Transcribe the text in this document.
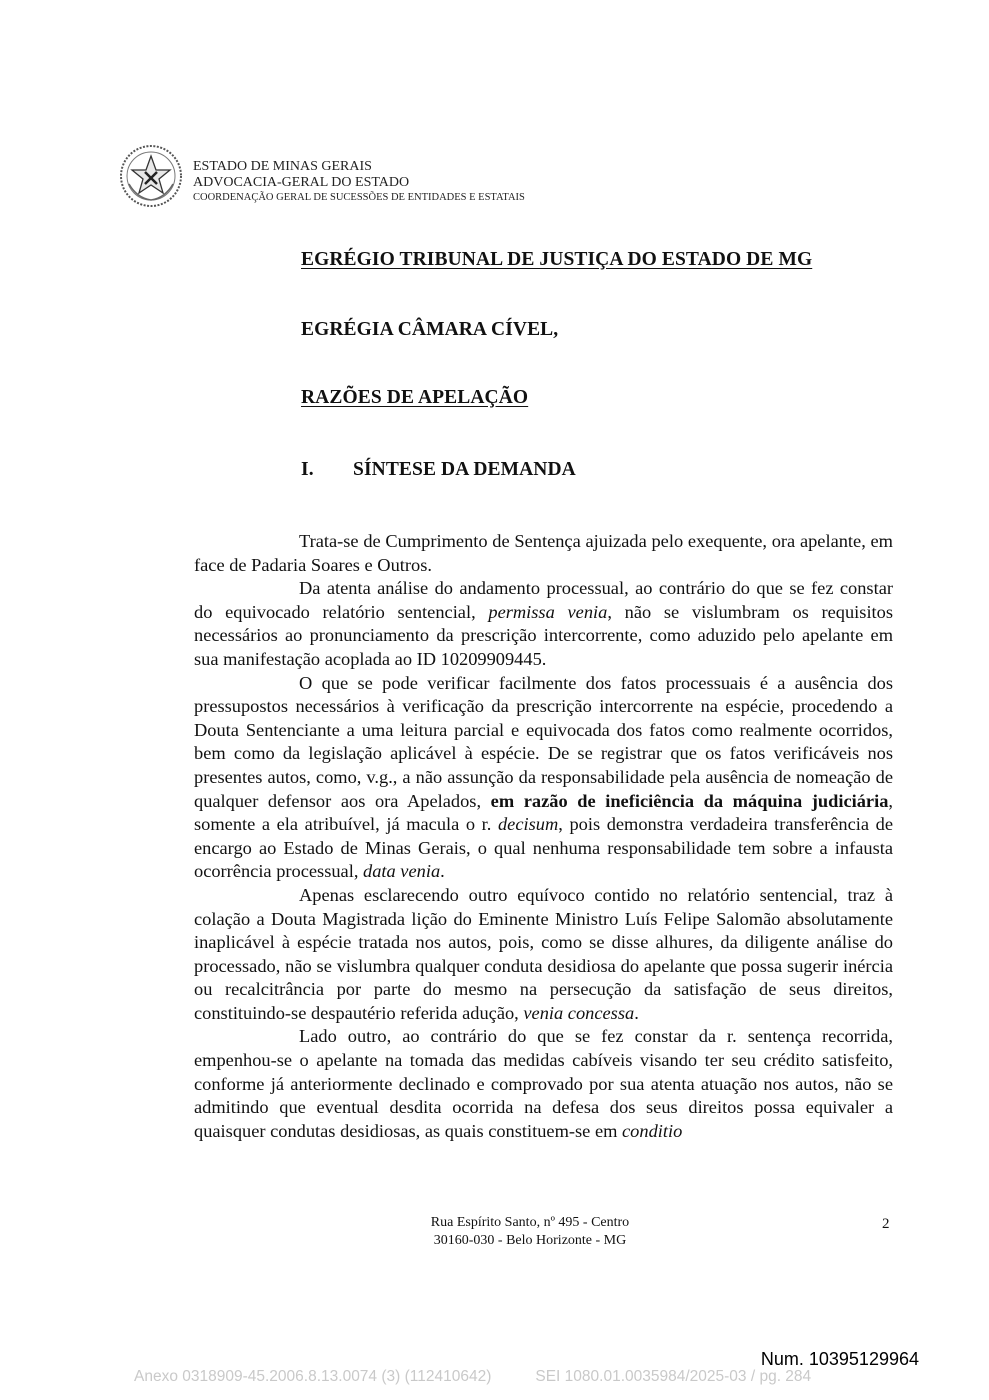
ESTADO DE MINAS GERAIS
ADVOCACIA-GERAL DO ESTADO
COORDENAÇÃO GERAL DE SUCESSÕES DE ENTIDADES E ESTATAIS
EGRÉGIO TRIBUNAL DE JUSTIÇA DO ESTADO DE MG
EGRÉGIA CÂMARA CÍVEL,
RAZÕES DE APELAÇÃO
I. SÍNTESE DA DEMANDA

Trata-se de Cumprimento de Sentença ajuizada pelo exequente, ora apelante, em face de Padaria Soares e Outros.

Da atenta análise do andamento processual, ao contrário do que se fez constar do equivocado relatório sentencial, permissa venia, não se vislumbram os requisitos necessários ao pronunciamento da prescrição intercorrente, como aduzido pelo apelante em sua manifestação acoplada ao ID 10209909445.

O que se pode verificar facilmente dos fatos processuais é a ausência dos pressupostos necessários à verificação da prescrição intercorrente na espécie, procedendo a Douta Sentenciante a uma leitura parcial e equivocada dos fatos como realmente ocorridos, bem como da legislação aplicável à espécie. De se registrar que os fatos verificáveis nos presentes autos, como, v.g., a não assunção da responsabilidade pela ausência de nomeação de qualquer defensor aos ora Apelados, em razão de ineficiência da máquina judiciária, somente a ela atribuível, já macula o r. decisum, pois demonstra verdadeira transferência de encargo ao Estado de Minas Gerais, o qual nenhuma responsabilidade tem sobre a infausta ocorrência processual, data venia.

Apenas esclarecendo outro equívoco contido no relatório sentencial, traz à colação a Douta Magistrada lição do Eminente Ministro Luís Felipe Salomão absolutamente inaplicável à espécie tratada nos autos, pois, como se disse alhures, da diligente análise do processado, não se vislumbra qualquer conduta desidiosa do apelante que possa sugerir inércia ou recalcitrância por parte do mesmo na persecução da satisfação de seus direitos, constituindo-se despautério referida adução, venia concessa.

Lado outro, ao contrário do que se fez constar da r. sentença recorrida, empenhou-se o apelante na tomada das medidas cabíveis visando ter seu crédito satisfeito, conforme já anteriormente declinado e comprovado por sua atenta atuação nos autos, não se admitindo que eventual desdita ocorrida na defesa dos seus direitos possa equivaler a quaisquer condutas desidiosas, as quais constituem-se em conditio

Rua Espírito Santo, nº 495 - Centro
30160-030 - Belo Horizonte - MG
2
Num. 10395129964
Anexo 0318909-45.2006.8.13.0074 (3) (112410642)	SEI 1080.01.0035984/2025-03 / pg. 284
